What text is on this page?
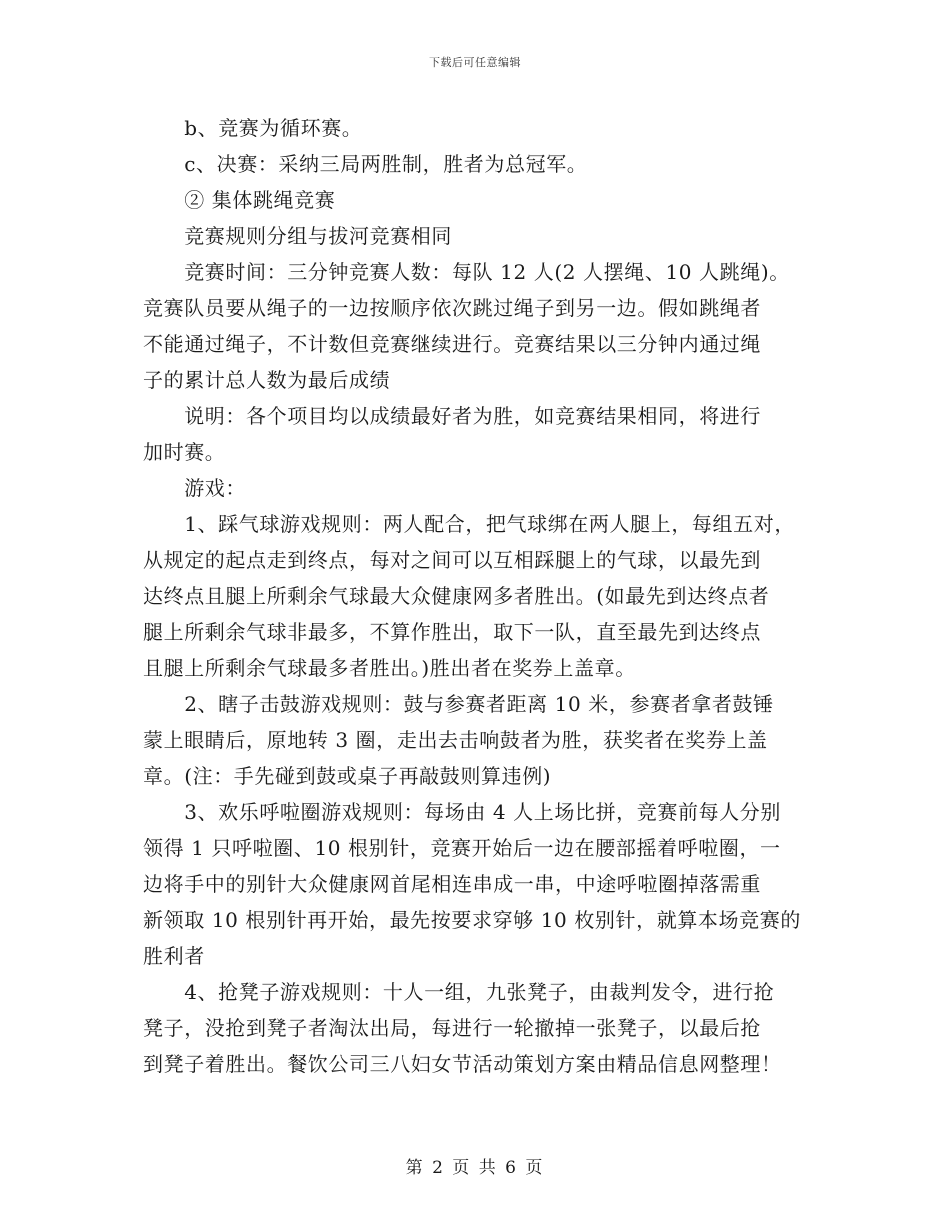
下载后可任意编辑
　　b、竞赛为循环赛。
　　c、决赛：采纳三局两胜制，胜者为总冠军。
　　② 集体跳绳竞赛
　　竞赛规则分组与拔河竞赛相同
　　竞赛时间：三分钟竞赛人数：每队 12 人(2 人摆绳、10 人跳绳)。
竞赛队员要从绳子的一边按顺序依次跳过绳子到另一边。假如跳绳者
不能通过绳子，不计数但竞赛继续进行。竞赛结果以三分钟内通过绳
子的累计总人数为最后成绩
　　说明：各个项目均以成绩最好者为胜，如竞赛结果相同，将进行
加时赛。
　　游戏：
　　1、踩气球游戏规则：两人配合，把气球绑在两人腿上，每组五对，
从规定的起点走到终点，每对之间可以互相踩腿上的气球，以最先到
达终点且腿上所剩余气球最大众健康网多者胜出。(如最先到达终点者
腿上所剩余气球非最多，不算作胜出，取下一队，直至最先到达终点
且腿上所剩余气球最多者胜出。)胜出者在奖券上盖章。
　　2、瞎子击鼓游戏规则：鼓与参赛者距离 10 米，参赛者拿者鼓锤
蒙上眼睛后，原地转 3 圈，走出去击响鼓者为胜，获奖者在奖券上盖
章。(注：手先碰到鼓或桌子再敲鼓则算违例)
　　3、欢乐呼啦圈游戏规则：每场由 4 人上场比拼，竞赛前每人分别
领得 1 只呼啦圈、10 根别针，竞赛开始后一边在腰部摇着呼啦圈，一
边将手中的别针大众健康网首尾相连串成一串，中途呼啦圈掉落需重
新领取 10 根别针再开始，最先按要求穿够 10 枚别针，就算本场竞赛的
胜利者
　　4、抢凳子游戏规则：十人一组，九张凳子，由裁判发令，进行抢
凳子，没抢到凳子者淘汰出局，每进行一轮撤掉一张凳子，以最后抢
到凳子着胜出。餐饮公司三八妇女节活动策划方案由精品信息网整理！
第 2 页 共 6 页
